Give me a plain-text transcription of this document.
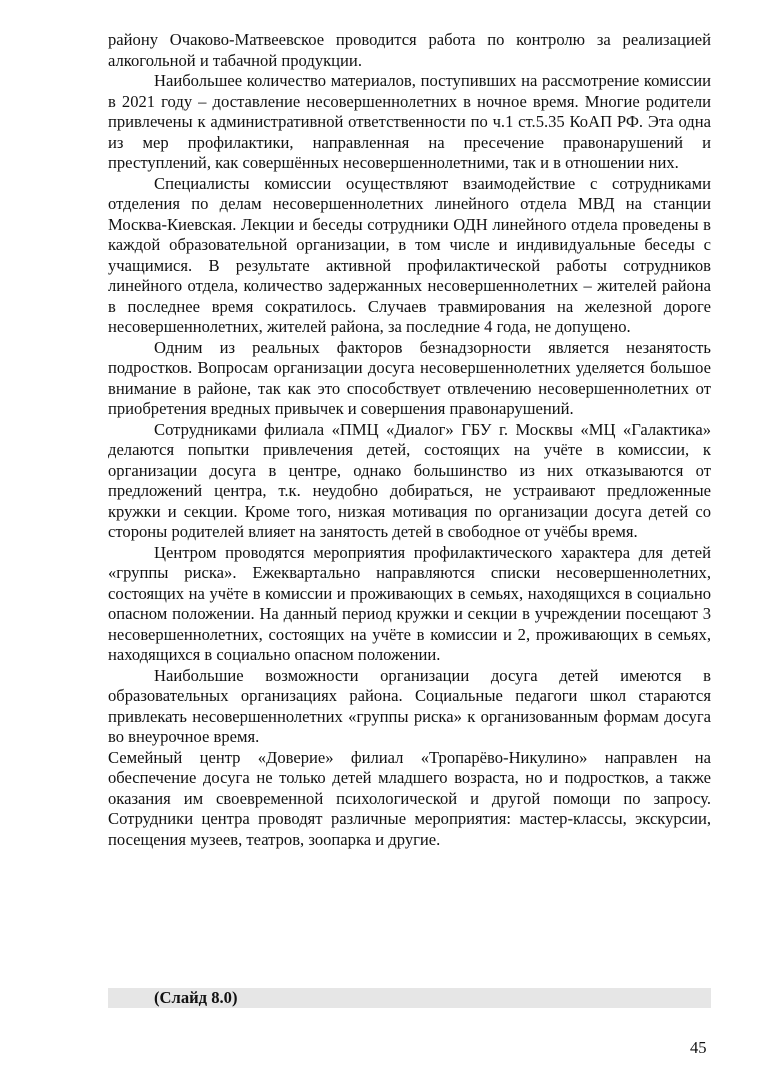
району Очаково-Матвеевское проводится работа по контролю за реализацией алкогольной и табачной продукции.

Наибольшее количество материалов, поступивших на рассмотрение комиссии в 2021 году – доставление несовершеннолетних в ночное время. Многие родители привлечены к административной ответственности по ч.1 ст.5.35 КоАП РФ. Эта одна из мер профилактики, направленная на пресечение правонарушений и преступлений, как совершённых несовершеннолетними, так и в отношении них.

Специалисты комиссии осуществляют взаимодействие с сотрудниками отделения по делам несовершеннолетних линейного отдела МВД на станции Москва-Киевская. Лекции и беседы сотрудники ОДН линейного отдела проведены в каждой образовательной организации, в том числе и индивидуальные беседы с учащимися. В результате активной профилактической работы сотрудников линейного отдела, количество задержанных несовершеннолетних – жителей района в последнее время сократилось. Случаев травмирования на железной дороге несовершеннолетних, жителей района, за последние 4 года, не допущено.

Одним из реальных факторов безнадзорности является незанятость подростков. Вопросам организации досуга несовершеннолетних уделяется большое внимание в районе, так как это способствует отвлечению несовершеннолетних от приобретения вредных привычек и совершения правонарушений.

Сотрудниками филиала «ПМЦ «Диалог» ГБУ г. Москвы «МЦ «Галактика» делаются попытки привлечения детей, состоящих на учёте в комиссии, к организации досуга в центре, однако большинство из них отказываются от предложений центра, т.к. неудобно добираться, не устраивают предложенные кружки и секции. Кроме того, низкая мотивация по организации досуга детей со стороны родителей влияет на занятость детей в свободное от учёбы время.

Центром проводятся мероприятия профилактического характера для детей «группы риска». Ежеквартально направляются списки несовершеннолетних, состоящих на учёте в комиссии и проживающих в семьях, находящихся в социально опасном положении. На данный период кружки и секции в учреждении посещают 3 несовершеннолетних, состоящих на учёте в комиссии и 2, проживающих в семьях, находящихся в социально опасном положении.

Наибольшие возможности организации досуга детей имеются в образовательных организациях района. Социальные педагоги школ стараются привлекать несовершеннолетних «группы риска» к организованным формам досуга во внеурочное время.

Семейный центр «Доверие» филиал «Тропарёво-Никулино» направлен на обеспечение досуга не только детей младшего возраста, но и подростков, а также оказания им своевременной психологической и другой помощи по запросу. Сотрудники центра проводят различные мероприятия: мастер-классы, экскурсии, посещения музеев, театров, зоопарка и другие.

(Слайд 8.0)
45
